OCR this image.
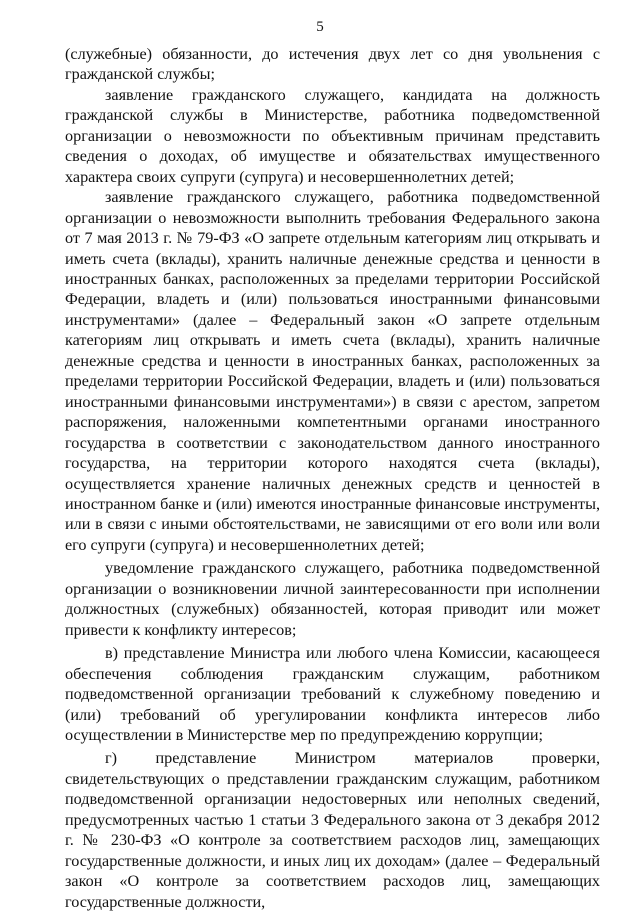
5

(служебные) обязанности, до истечения двух лет со дня увольнения с гражданской службы;

заявление гражданского служащего, кандидата на должность гражданской службы в Министерстве, работника подведомственной организации о невозможности по объективным причинам представить сведения о доходах, об имуществе и обязательствах имущественного характера своих супруги (супруга) и несовершеннолетних детей;

заявление гражданского служащего, работника подведомственной организации о невозможности выполнить требования Федерального закона от 7 мая 2013 г. № 79-ФЗ «О запрете отдельным категориям лиц открывать и иметь счета (вклады), хранить наличные денежные средства и ценности в иностранных банках, расположенных за пределами территории Российской Федерации, владеть и (или) пользоваться иностранными финансовыми инструментами» (далее – Федеральный закон «О запрете отдельным категориям лиц открывать и иметь счета (вклады), хранить наличные денежные средства и ценности в иностранных банках, расположенных за пределами территории Российской Федерации, владеть и (или) пользоваться иностранными финансовыми инструментами») в связи с арестом, запретом распоряжения, наложенными компетентными органами иностранного государства в соответствии с законодательством данного иностранного государства, на территории которого находятся счета (вклады), осуществляется хранение наличных денежных средств и ценностей в иностранном банке и (или) имеются иностранные финансовые инструменты, или в связи с иными обстоятельствами, не зависящими от его воли или воли его супруги (супруга) и несовершеннолетних детей;

уведомление гражданского служащего, работника подведомственной организации о возникновении личной заинтересованности при исполнении должностных (служебных) обязанностей, которая приводит или может привести к конфликту интересов;

в) представление Министра или любого члена Комиссии, касающееся обеспечения соблюдения гражданским служащим, работником подведомственной организации требований к служебному поведению и (или) требований об урегулировании конфликта интересов либо осуществлении в Министерстве мер по предупреждению коррупции;

г) представление Министром материалов проверки, свидетельствующих о представлении гражданским служащим, работником подведомственной организации недостоверных или неполных сведений, предусмотренных частью 1 статьи 3 Федерального закона от 3 декабря 2012 г. № 230-ФЗ «О контроле за соответствием расходов лиц, замещающих государственные должности, и иных лиц их доходам» (далее – Федеральный закон «О контроле за соответствием расходов лиц, замещающих государственные должности,
